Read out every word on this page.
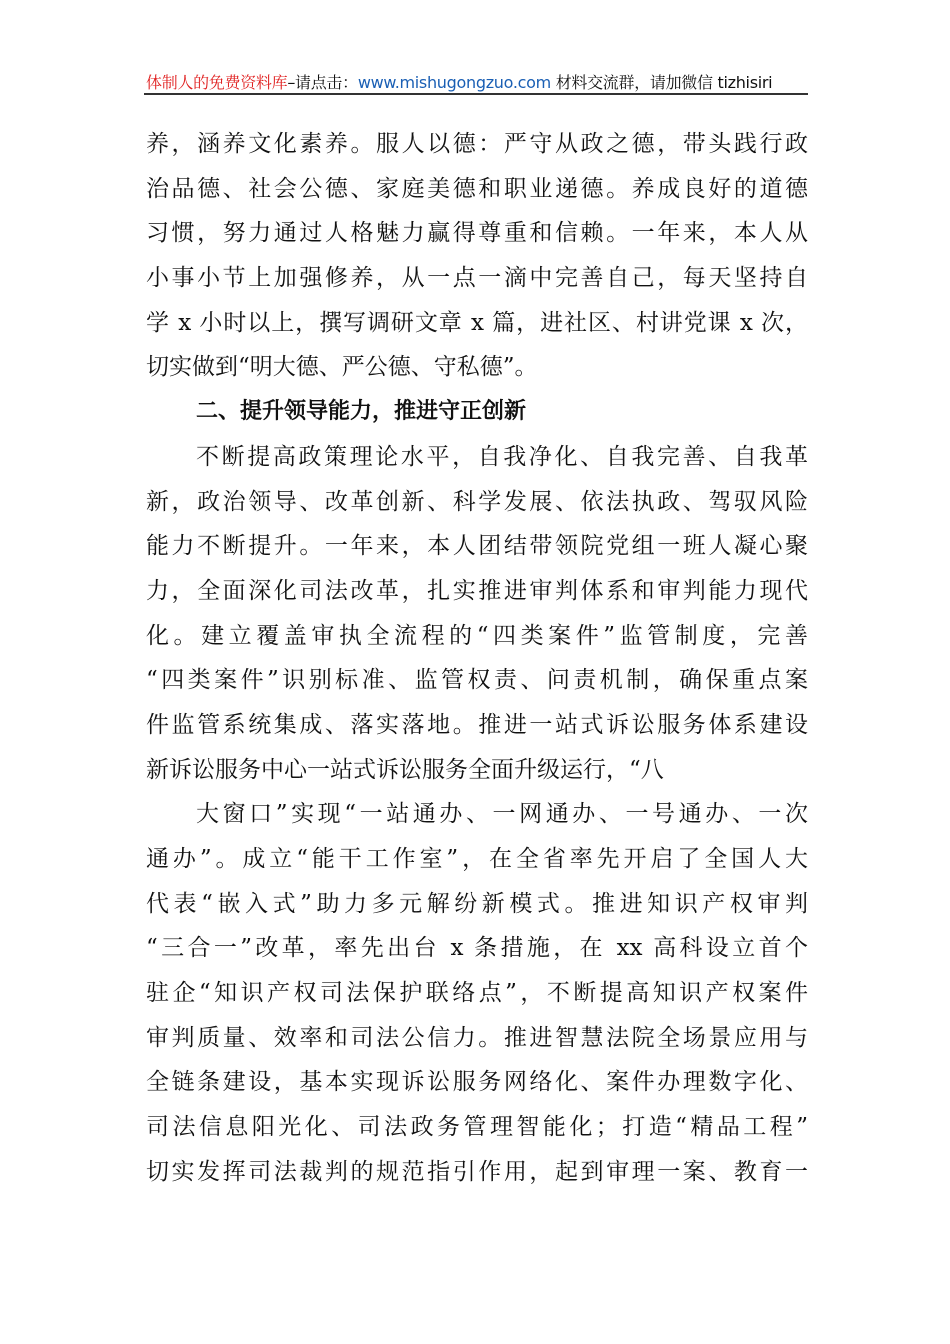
体制人的免费资料库–请点击：www.mishugongzuo.com 材料交流群，请加微信 tizhisiri
养，涵养文化素养。服人以德：严守从政之德，带头践行政
治品德、社会公德、家庭美德和职业递德。养成良好的道德
习惯，努力通过人格魅力赢得尊重和信赖。一年来，本人从
小事小节上加强修养，从一点一滴中完善自己，每天坚持自
学 x 小时以上，撰写调研文章 x 篇，进社区、村讲党课 x 次，
切实做到“明大德、严公德、守私德”。
二、提升领导能力，推进守正创新
不断提高政策理论水平，自我净化、自我完善、自我革
新，政治领导、改革创新、科学发展、依法执政、驾驭风险
能力不断提升。一年来，本人团结带领院党组一班人凝心聚
力，全面深化司法改革，扎实推进审判体系和审判能力现代
化。建立覆盖审执全流程的“四类案件”监管制度，完善
“四类案件”识别标准、监管权责、问责机制，确保重点案
件监管系统集成、落实落地。推进一站式诉讼服务体系建设
新诉讼服务中心一站式诉讼服务全面升级运行，“八
大窗口”实现“一站通办、一网通办、一号通办、一次
通办”。成立“能干工作室”，在全省率先开启了全国人大
代表“嵌入式”助力多元解纷新模式。推进知识产权审判
“三合一”改革，率先出台 x 条措施，在 xx 高科设立首个
驻企“知识产权司法保护联络点”，不断提高知识产权案件
审判质量、效率和司法公信力。推进智慧法院全场景应用与
全链条建设，基本实现诉讼服务网络化、案件办理数字化、
司法信息阳光化、司法政务管理智能化；打造“精品工程”
切实发挥司法裁判的规范指引作用，起到审理一案、教育一
